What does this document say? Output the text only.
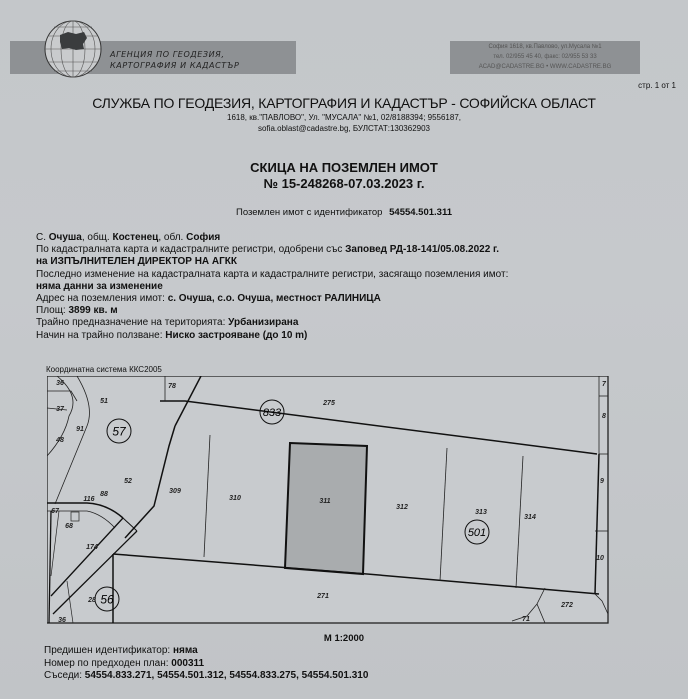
АГЕНЦИЯ ПО ГЕОДЕЗИЯ,
КАРТОГРАФИЯ И КАДАСТЪР
София 1618, кв.Павлово, ул.Мусала №1
тел. 02/955 45 40, факс: 02/955 53 33
ACAD@CADASTRE.BG • WWW.CADASTRE.BG
стр. 1 от 1
СЛУЖБА ПО ГЕОДЕЗИЯ, КАРТОГРАФИЯ И КАДАСТЪР - СОФИЙСКА ОБЛАСТ
1618, кв."ПАВЛОВО", Ул. "МУСАЛА" №1, 02/8188394; 9556187,
sofia.oblast@cadastre.bg, БУЛСТАТ:130362903
СКИЦА НА ПОЗЕМЛЕН ИМОТ
№ 15-248268-07.03.2023 г.
Поземлен имот с идентификатор 54554.501.311
С. Очуша, общ. Костенец, обл. София
По кадастралната карта и кадастралните регистри, одобрени със Заповед РД-18-141/05.08.2022 г.
на ИЗПЪЛНИТЕЛЕН ДИРЕКТОР НА АГКК
Последно изменение на кадастралната карта и кадастралните регистри, засягащо поземления имот:
няма данни за изменение
Адрес на поземления имот: с. Очуша, с.о. Очуша, местност РАЛИНИЦА
Площ: 3899 кв. м
Трайно предназначение на територията: Урбанизирана
Начин на трайно ползване: Ниско застрояване (до 10 m)
Координатна система ККС2005
57
833
501
56
36
37
48
91
51
78
275
7
8
9
10
52
88	309
310	311
312
313
314
116
67
68
174
271
272
71
28
36
М 1:2000
Предишен идентификатор: няма
Номер по предходен план: 000311
Съседи: 54554.833.271, 54554.501.312, 54554.833.275, 54554.501.310
